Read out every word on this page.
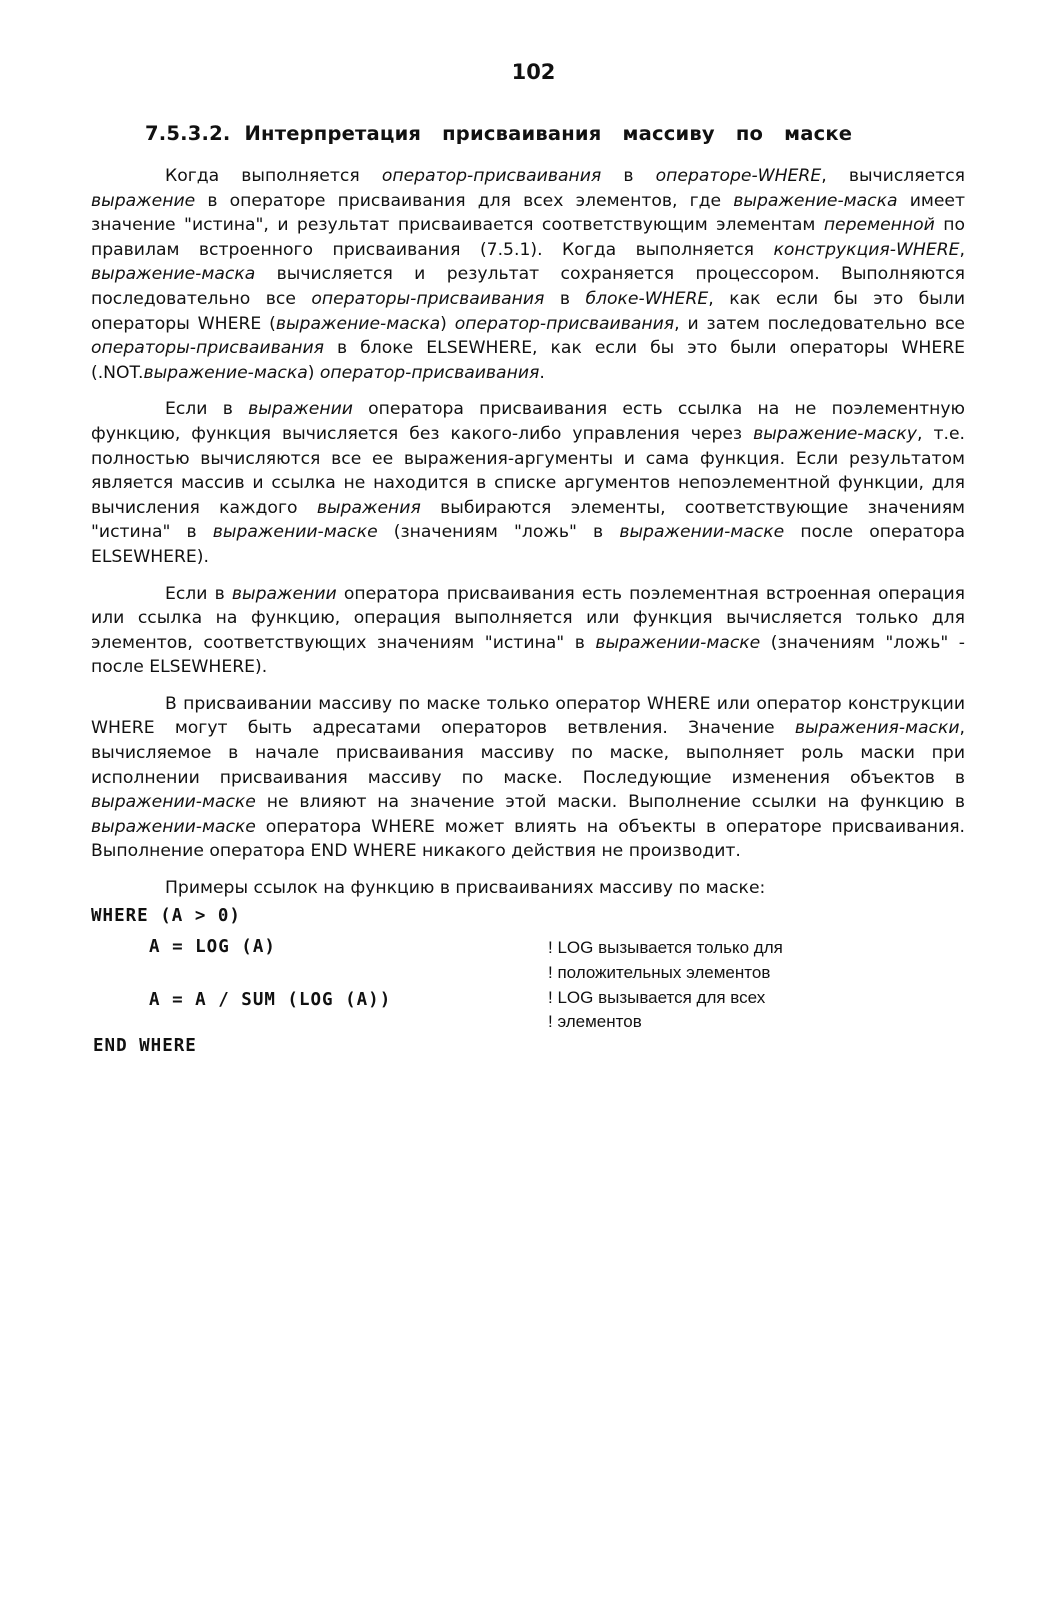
102
7.5.3.2. Интерпретация присваивания массиву по маске

Когда выполняется оператор-присваивания в операторе-WHERE, вычисляется выражение в операторе присваивания для всех элементов, где выражение-маска имеет значение "истина", и результат присваивается соответствующим элементам переменной по правилам встроенного присваивания (7.5.1). Когда выполняется конструкция-WHERE, выражение-маска вычисляется и результат сохраняется процессором. Выполняются последовательно все операторы-присваивания в блоке-WHERE, как если бы это были операторы WHERE (выражение-маска) оператор-присваивания, и затем последовательно все операторы-присваивания в блоке ELSEWHERE, как если бы это были операторы WHERE (.NOT.выражение-маска) оператор-присваивания.

Если в выражении оператора присваивания есть ссылка на не поэлементную функцию, функция вычисляется без какого-либо управления через выражение-маску, т.е. полностью вычисляются все ее выражения-аргументы и сама функция. Если результатом является массив и ссылка не находится в списке аргументов непоэлементной функции, для вычисления каждого выражения выбираются элементы, соответствующие значениям "истина" в выражении-маске (значениям "ложь" в выражении-маске после оператора ELSEWHERE).

Если в выражении оператора присваивания есть поэлементная встроенная операция или ссылка на функцию, операция выполняется или функция вычисляется только для элементов, соответствующих значениям "истина" в выражении-маске (значениям "ложь" - после ELSEWHERE).

В присваивании массиву по маске только оператор WHERE или оператор конструкции WHERE могут быть адресатами операторов ветвления. Значение выражения-маски, вычисляемое в начале присваивания массиву по маске, выполняет роль маски при исполнении присваивания массиву по маске. Последующие изменения объектов в выражении-маске не влияют на значение этой маски. Выполнение ссылки на функцию в выражении-маске оператора WHERE может влиять на объекты в операторе присваивания. Выполнение оператора END WHERE никакого действия не производит.

Примеры ссылок на функцию в присваиваниях массиву по маске:

WHERE (A > 0)
A = LOG (A)
A = A / SUM (LOG (A))
END WHERE
! LOG вызывается только для
! положительных элементов
! LOG вызывается для всех
! элементов
